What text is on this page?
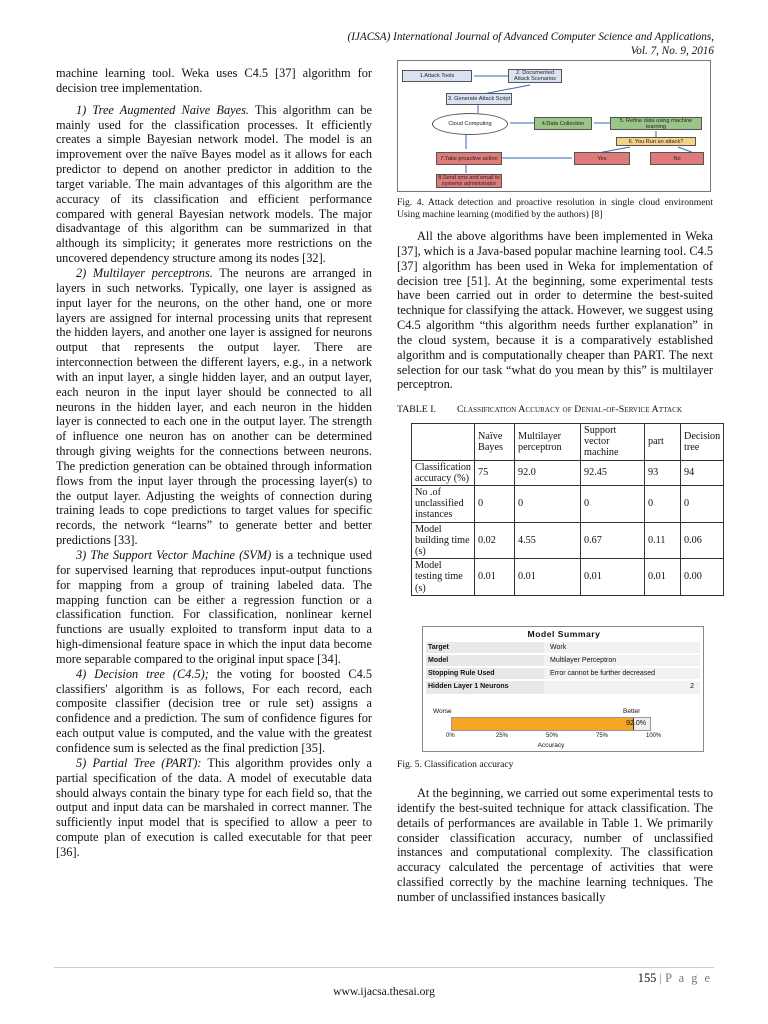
(IJACSA) International Journal of Advanced Computer Science and Applications,
Vol. 7, No. 9, 2016

machine learning tool. Weka uses C4.5 [37] algorithm for decision tree implementation.

1) Tree Augmented Naive Bayes. This algorithm can be mainly used for the classification processes. It efficiently creates a simple Bayesian network model. The model is an improvement over the naïve Bayes model as it allows for each predictor to depend on another predictor in addition to the target variable. The main advantages of this algorithm are the accuracy of its classification and efficient performance compared with general Bayesian network models. The major disadvantage of this algorithm can be summarized in that although its simplicity; it generates more restrictions on the uncovered dependency structure among its nodes [32].

2) Multilayer perceptrons. The neurons are arranged in layers in such networks. Typically, one layer is assigned as input layer for the neurons, on the other hand, one or more layers are assigned for internal processing units that represent the hidden layers, and another one layer is assigned for neurons output that represents the output layer. There are interconnection between the different layers, e.g., in a network with an input layer, a single hidden layer, and an output layer, each neuron in the input layer should be connected to all neurons in the hidden layer, and each neuron in the hidden layer is connected to each one in the output layer. The strength of influence one neuron has on another can be determined through giving weights for the connections between neurons. The prediction generation can be obtained through information flows from the input layer through the processing layer(s) to the output layer. Adjusting the weights of connection during training leads to cope predictions to target values for specific records, the network “learns” to generate better and better predictions [33].

3) The Support Vector Machine (SVM) is a technique used for supervised learning that reproduces input-output functions for mapping from a group of training labeled data. The mapping function can be either a regression function or a classification function. For classification, nonlinear kernel functions are usually exploited to transform input data to a high-dimensional feature space in which the input data become more separable compared to the original input space [34].

4) Decision tree (C4.5); the voting for boosted C4.5 classifiers' algorithm is as follows, For each record, each composite classifier (decision tree or rule set) assigns a confidence and a prediction. The sum of confidence figures for each output value is computed, and the value with the greatest confidence sum is selected as the final prediction [35].

5) Partial Tree (PART): This algorithm provides only a partial specification of the data. A model of executable data should always contain the binary type for each field so, that the output and input data can be marshaled in correct manner. The sufficiently input model that is specified to allow a peer to compute plan of execution is called executable for that peer [36].

1.Attack Tools	2. Documented Attack Scenarios
3. Generate Attack Script
Cloud Computing	4.Data Collection	5. Refine data using machine learning
6. You Run an attack?
7.Take proactive action	Yes	No
8.Send sms and email to systems administrator
Fig. 4. Attack detection and proactive resolution in single cloud environment Using machine learning (modified by the authors) [8]

All the above algorithms have been implemented in Weka [37], which is a Java-based popular machine learning tool. C4.5 [37] algorithm has been used in Weka for implementation of decision tree [51]. At the beginning, some experimental tests have been carried out in order to determine the best-suited technique for classifying the attack. However, we suggest using C4.5 algorithm “this algorithm needs further explanation” in the cloud system, because it is a comparatively established algorithm and is computationally cheaper than PART. The next selection for our task “what do you mean by this” is multilayer perceptron.

TABLE I.	Classification Accuracy of Denial-of-Service Attack
	Naïve Bayes	Multilayer perceptron	Support vector machine	part	Decision tree
Classification accuracy (%)	75	92.0	92.45	93	94
No .of unclassified instances	0	0	0	0	0
Model building time (s)	0.02	4.55	0.67	0.11	0.06
Model testing time (s)	0.01	0.01	0.01	0.01	0.00
Model Summary
Target	Work
Model	Multilayer Perceptron
Stopping Rule Used	Error cannot be further decreased
Hidden Layer 1 Neurons	2
Worse	Better
92.0%
0%	25%	50%	75%	100%
Accuracy
Fig. 5. Classification accuracy

At the beginning, we carried out some experimental tests to identify the best-suited technique for attack classification. The details of performances are available in Table 1. We primarily consider classification accuracy, number of unclassified instances and computational complexity. The classification accuracy calculated the percentage of activities that were classified correctly by the machine learning techniques. The number of unclassified instances basically

155 | P a g e
www.ijacsa.thesai.org
